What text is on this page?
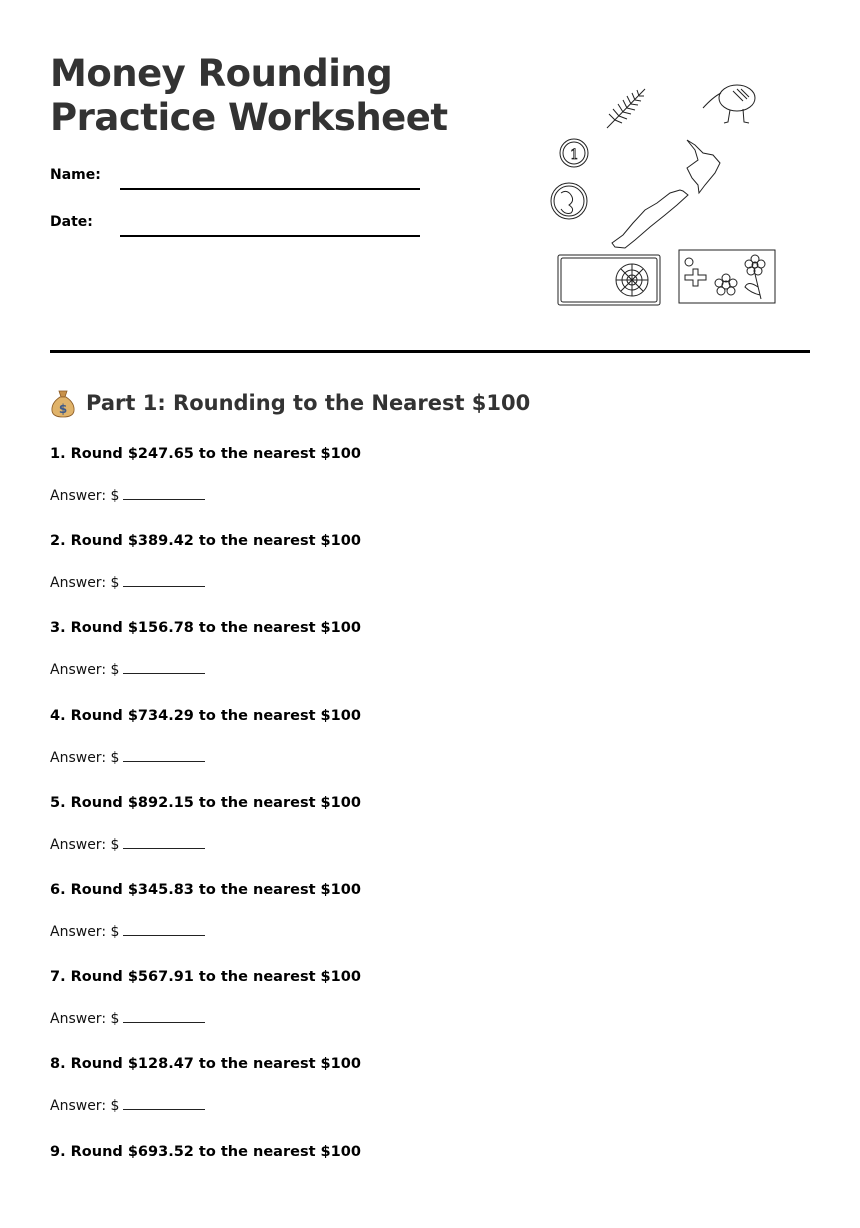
Money Rounding
Practice Worksheet
Name:
Date:
1
$ Part 1: Rounding to the Nearest $100

1. Round $247.65 to the nearest $100

Answer: $

2. Round $389.42 to the nearest $100

Answer: $

3. Round $156.78 to the nearest $100

Answer: $

4. Round $734.29 to the nearest $100

Answer: $

5. Round $892.15 to the nearest $100

Answer: $

6. Round $345.83 to the nearest $100

Answer: $

7. Round $567.91 to the nearest $100

Answer: $

8. Round $128.47 to the nearest $100

Answer: $

9. Round $693.52 to the nearest $100
